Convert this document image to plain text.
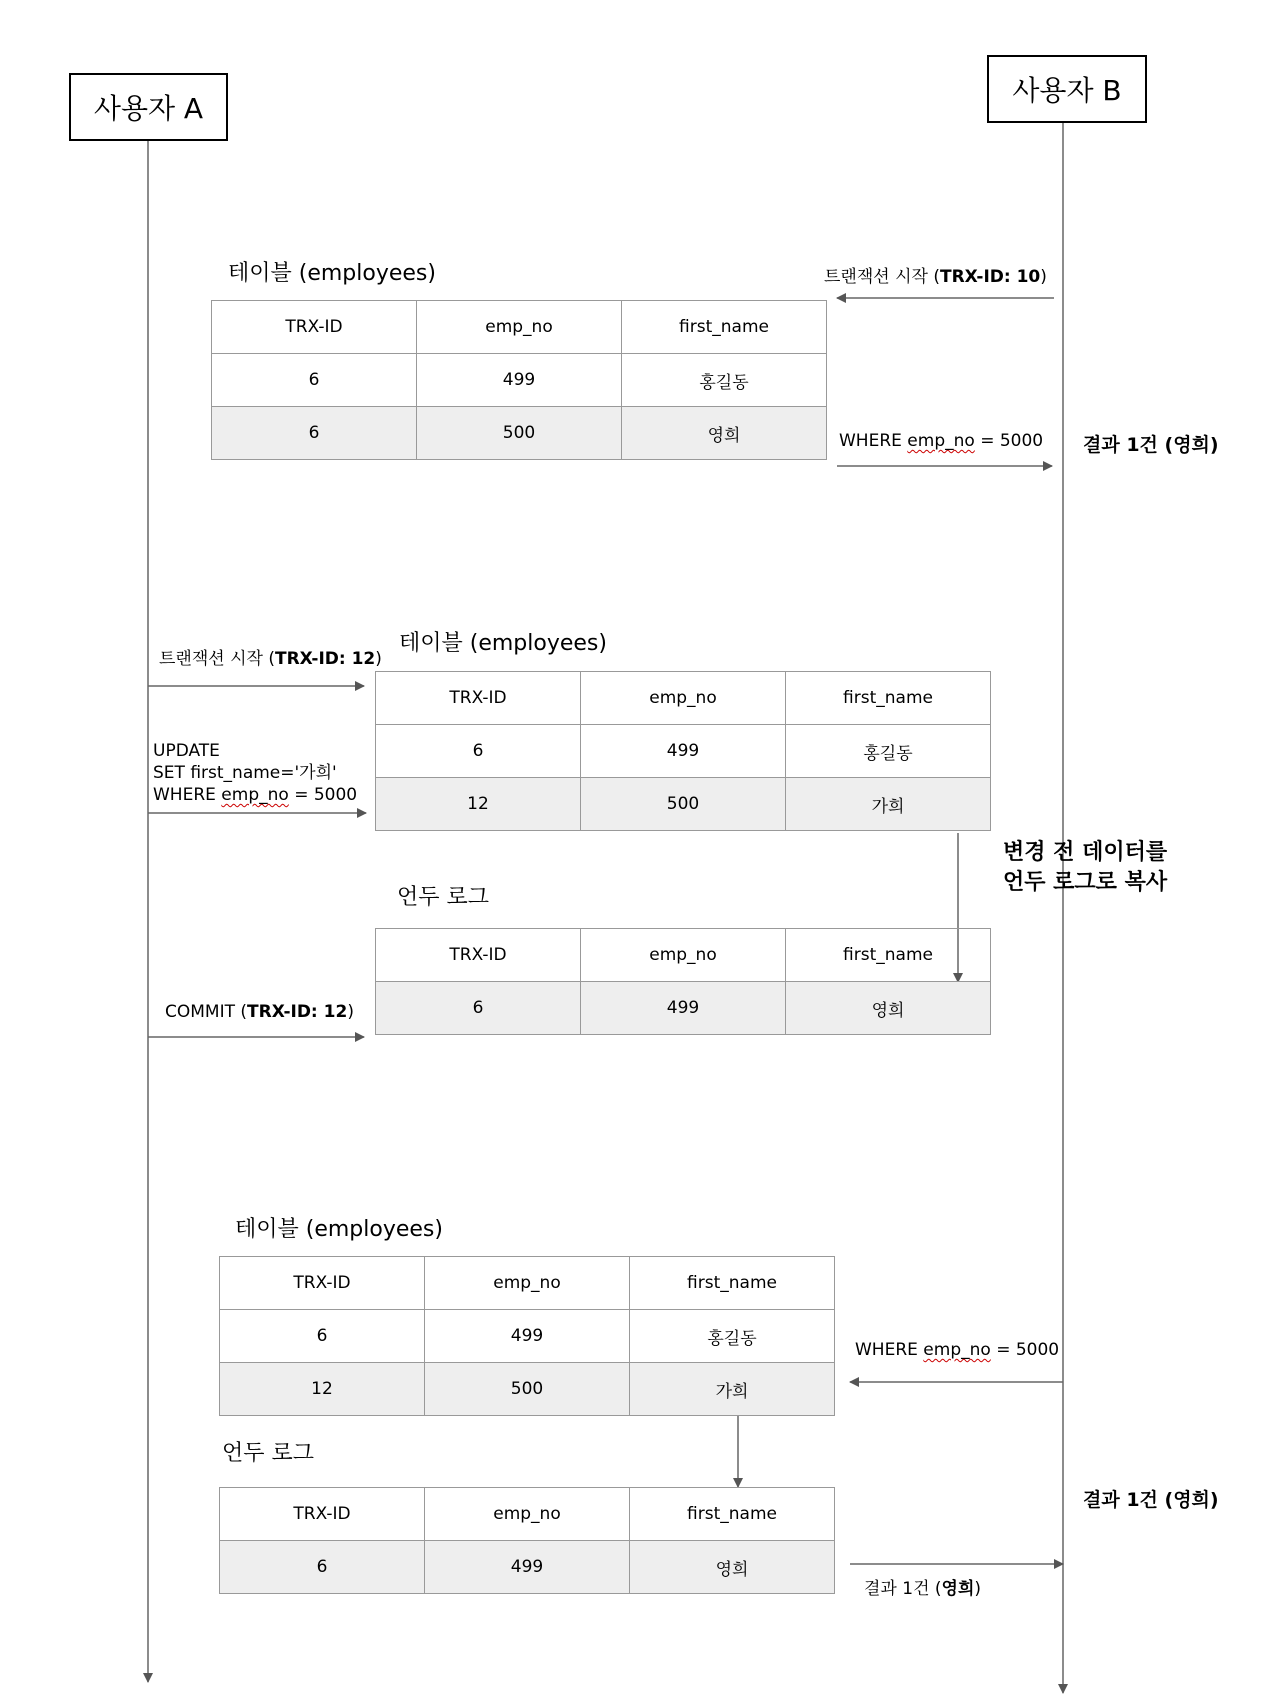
사용자 A
사용자 B
테이블 (employees)	트랜잭션 시작 (TRX-ID: 10)
TRX-ID	emp_no	first_name
6	499	홍길동
6	500	영희	WHERE emp_no = 5000 결과 1건 (영희)
트랜잭션 시작 (TRX-ID: 12)
테이블 (employees)
TRX-ID	emp_no	first_name
6	499	홍길동
12	500	가희
UPDATE
SET first_name='가희'
WHERE emp_no = 5000
변경 전 데이터를
언두 로그로 복사
언두 로그
TRX-ID	emp_no	first_name
6	499	영희
COMMIT (TRX-ID: 12)
테이블 (employees)
TRX-ID	emp_no	first_name
6	499	홍길동
12	500	가희
WHERE emp_no = 5000
언두 로그
TRX-ID	emp_no	first_name
6	499	영희
결과 1건 (영희)
결과 1건 (영희)
